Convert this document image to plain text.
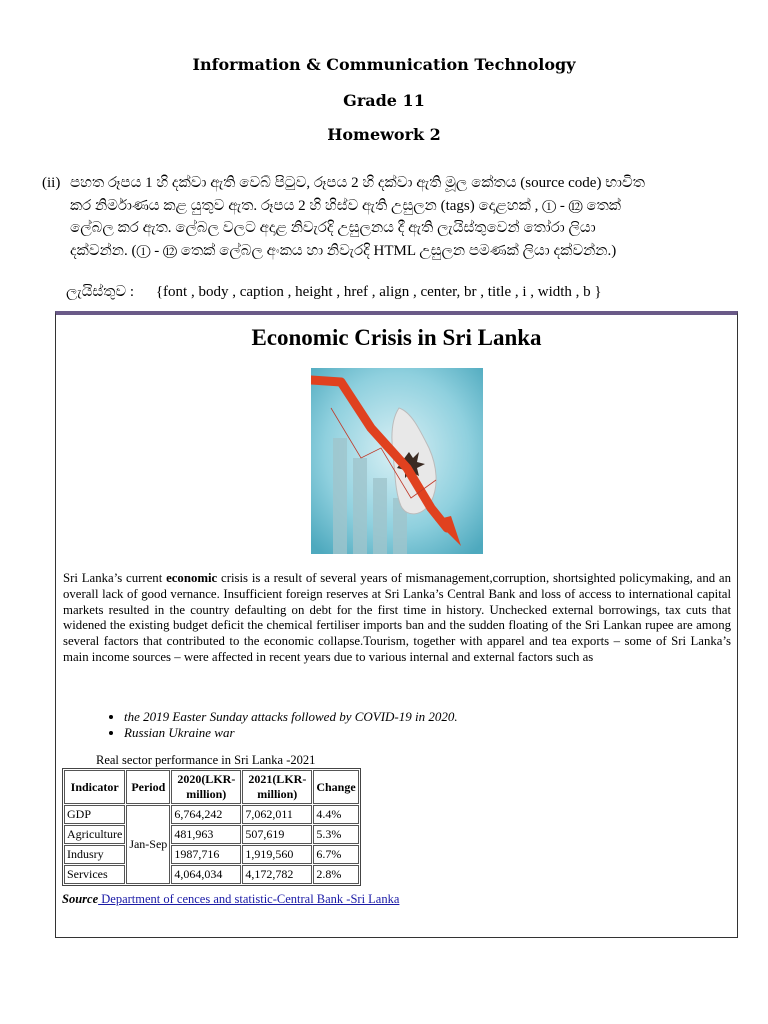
Information & Communication Technology
Grade 11
Homework 2
(ii) පහත රූපය 1 හි දක්වා ඇති වෙබ් පිටුව, රූපය 2 හි දක්වා ඇති මූල කේතය (source code) භාවිත
කර නිර්මාණය කළ යුතුව ඇත. රූපය 2 හි හිස්ව ඇති උසුලන (tags) දොළහක් , ① - ⑫ තෙක්
ලේබල කර ඇත. ලේබල වලට අදාළ නිවැරදි උසුලනය දී ඇති ලැයිස්තුවෙන් තෝරා ලියා
දක්වන්න. (① - ⑫ තෙක් ලේබල අංකය හා නිවැරදි HTML උසුලන පමණක් ලියා දක්වන්න.)
ලැයිස්තුව : {font , body , caption , height , href , align , center, br , title , i , width , b }
Economic Crisis in Sri Lanka
Sri Lanka’s current economic crisis is a result of several years of mismanagement,corruption, shortsighted policymaking, and an overall lack of good vernance. Insufficient foreign reserves at Sri Lanka’s Central Bank and loss of access to international capital markets resulted in the country defaulting on debt for the first time in history. Unchecked external borrowings, tax cuts that widened the existing budget deficit the chemical fertiliser imports ban and the sudden floating of the Sri Lankan rupee are among several factors that contributed to the economic collapse.Tourism, together with apparel and tea exports – some of Sri Lanka’s main income sources – were affected in recent years due to various internal and external factors such as
• the 2019 Easter Sunday attacks followed by COVID-19 in 2020.
• Russian Ukraine war
Real sector performance in Sri Lanka -2021
Indicator	Period	2020(LKR-million)	2021(LKR-million)	Change
GDP	Jan-Sep	6,764,242	7,062,011	4.4%
Agriculture		481,963	507,619	5.3%
Indusry		1987,716	1,919,560	6.7%
Services		4,064,034	4,172,782	2.8%
Source Department of cences and statistic-Central Bank -Sri Lanka
